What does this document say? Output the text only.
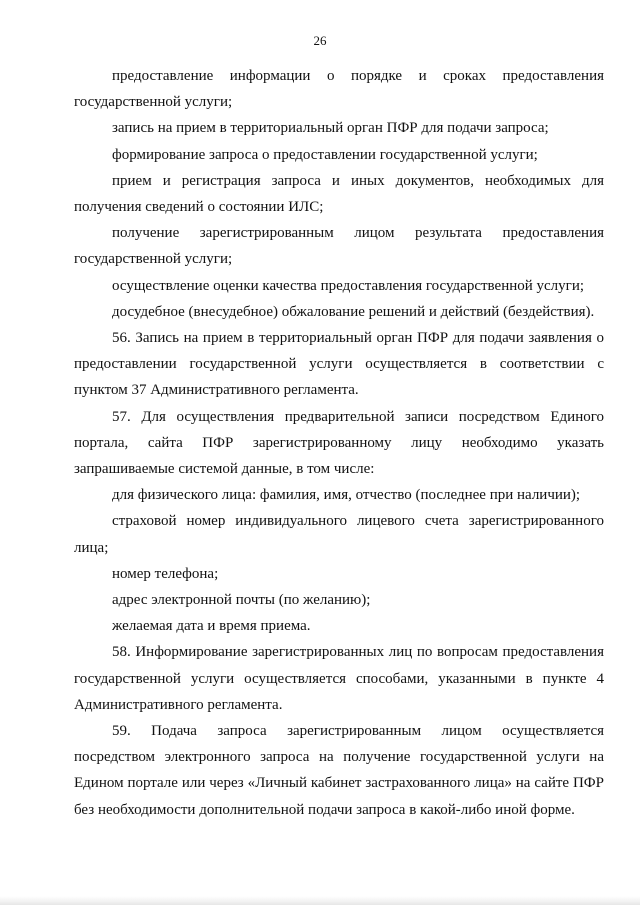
26

предоставление информации о порядке и сроках предоставления государственной услуги;

запись на прием в территориальный орган ПФР для подачи запроса;

формирование запроса о предоставлении государственной услуги;

прием и регистрация запроса и иных документов, необходимых для получения сведений о состоянии ИЛС;

получение зарегистрированным лицом результата предоставления государственной услуги;

осуществление оценки качества предоставления государственной услуги;

досудебное (внесудебное) обжалование решений и действий (бездействия).

56. Запись на прием в территориальный орган ПФР для подачи заявления о предоставлении государственной услуги осуществляется в соответствии с пунктом 37 Административного регламента.

57. Для осуществления предварительной записи посредством Единого портала, сайта ПФР зарегистрированному лицу необходимо указать запрашиваемые системой данные, в том числе:

для физического лица: фамилия, имя, отчество (последнее при наличии);

страховой номер индивидуального лицевого счета зарегистрированного лица;

номер телефона;

адрес электронной почты (по желанию);

желаемая дата и время приема.

58. Информирование зарегистрированных лиц по вопросам предоставления государственной услуги осуществляется способами, указанными в пункте 4 Административного регламента.

59. Подача запроса зарегистрированным лицом осуществляется посредством электронного запроса на получение государственной услуги на Едином портале или через «Личный кабинет застрахованного лица» на сайте ПФР без необходимости дополнительной подачи запроса в какой-либо иной форме.
